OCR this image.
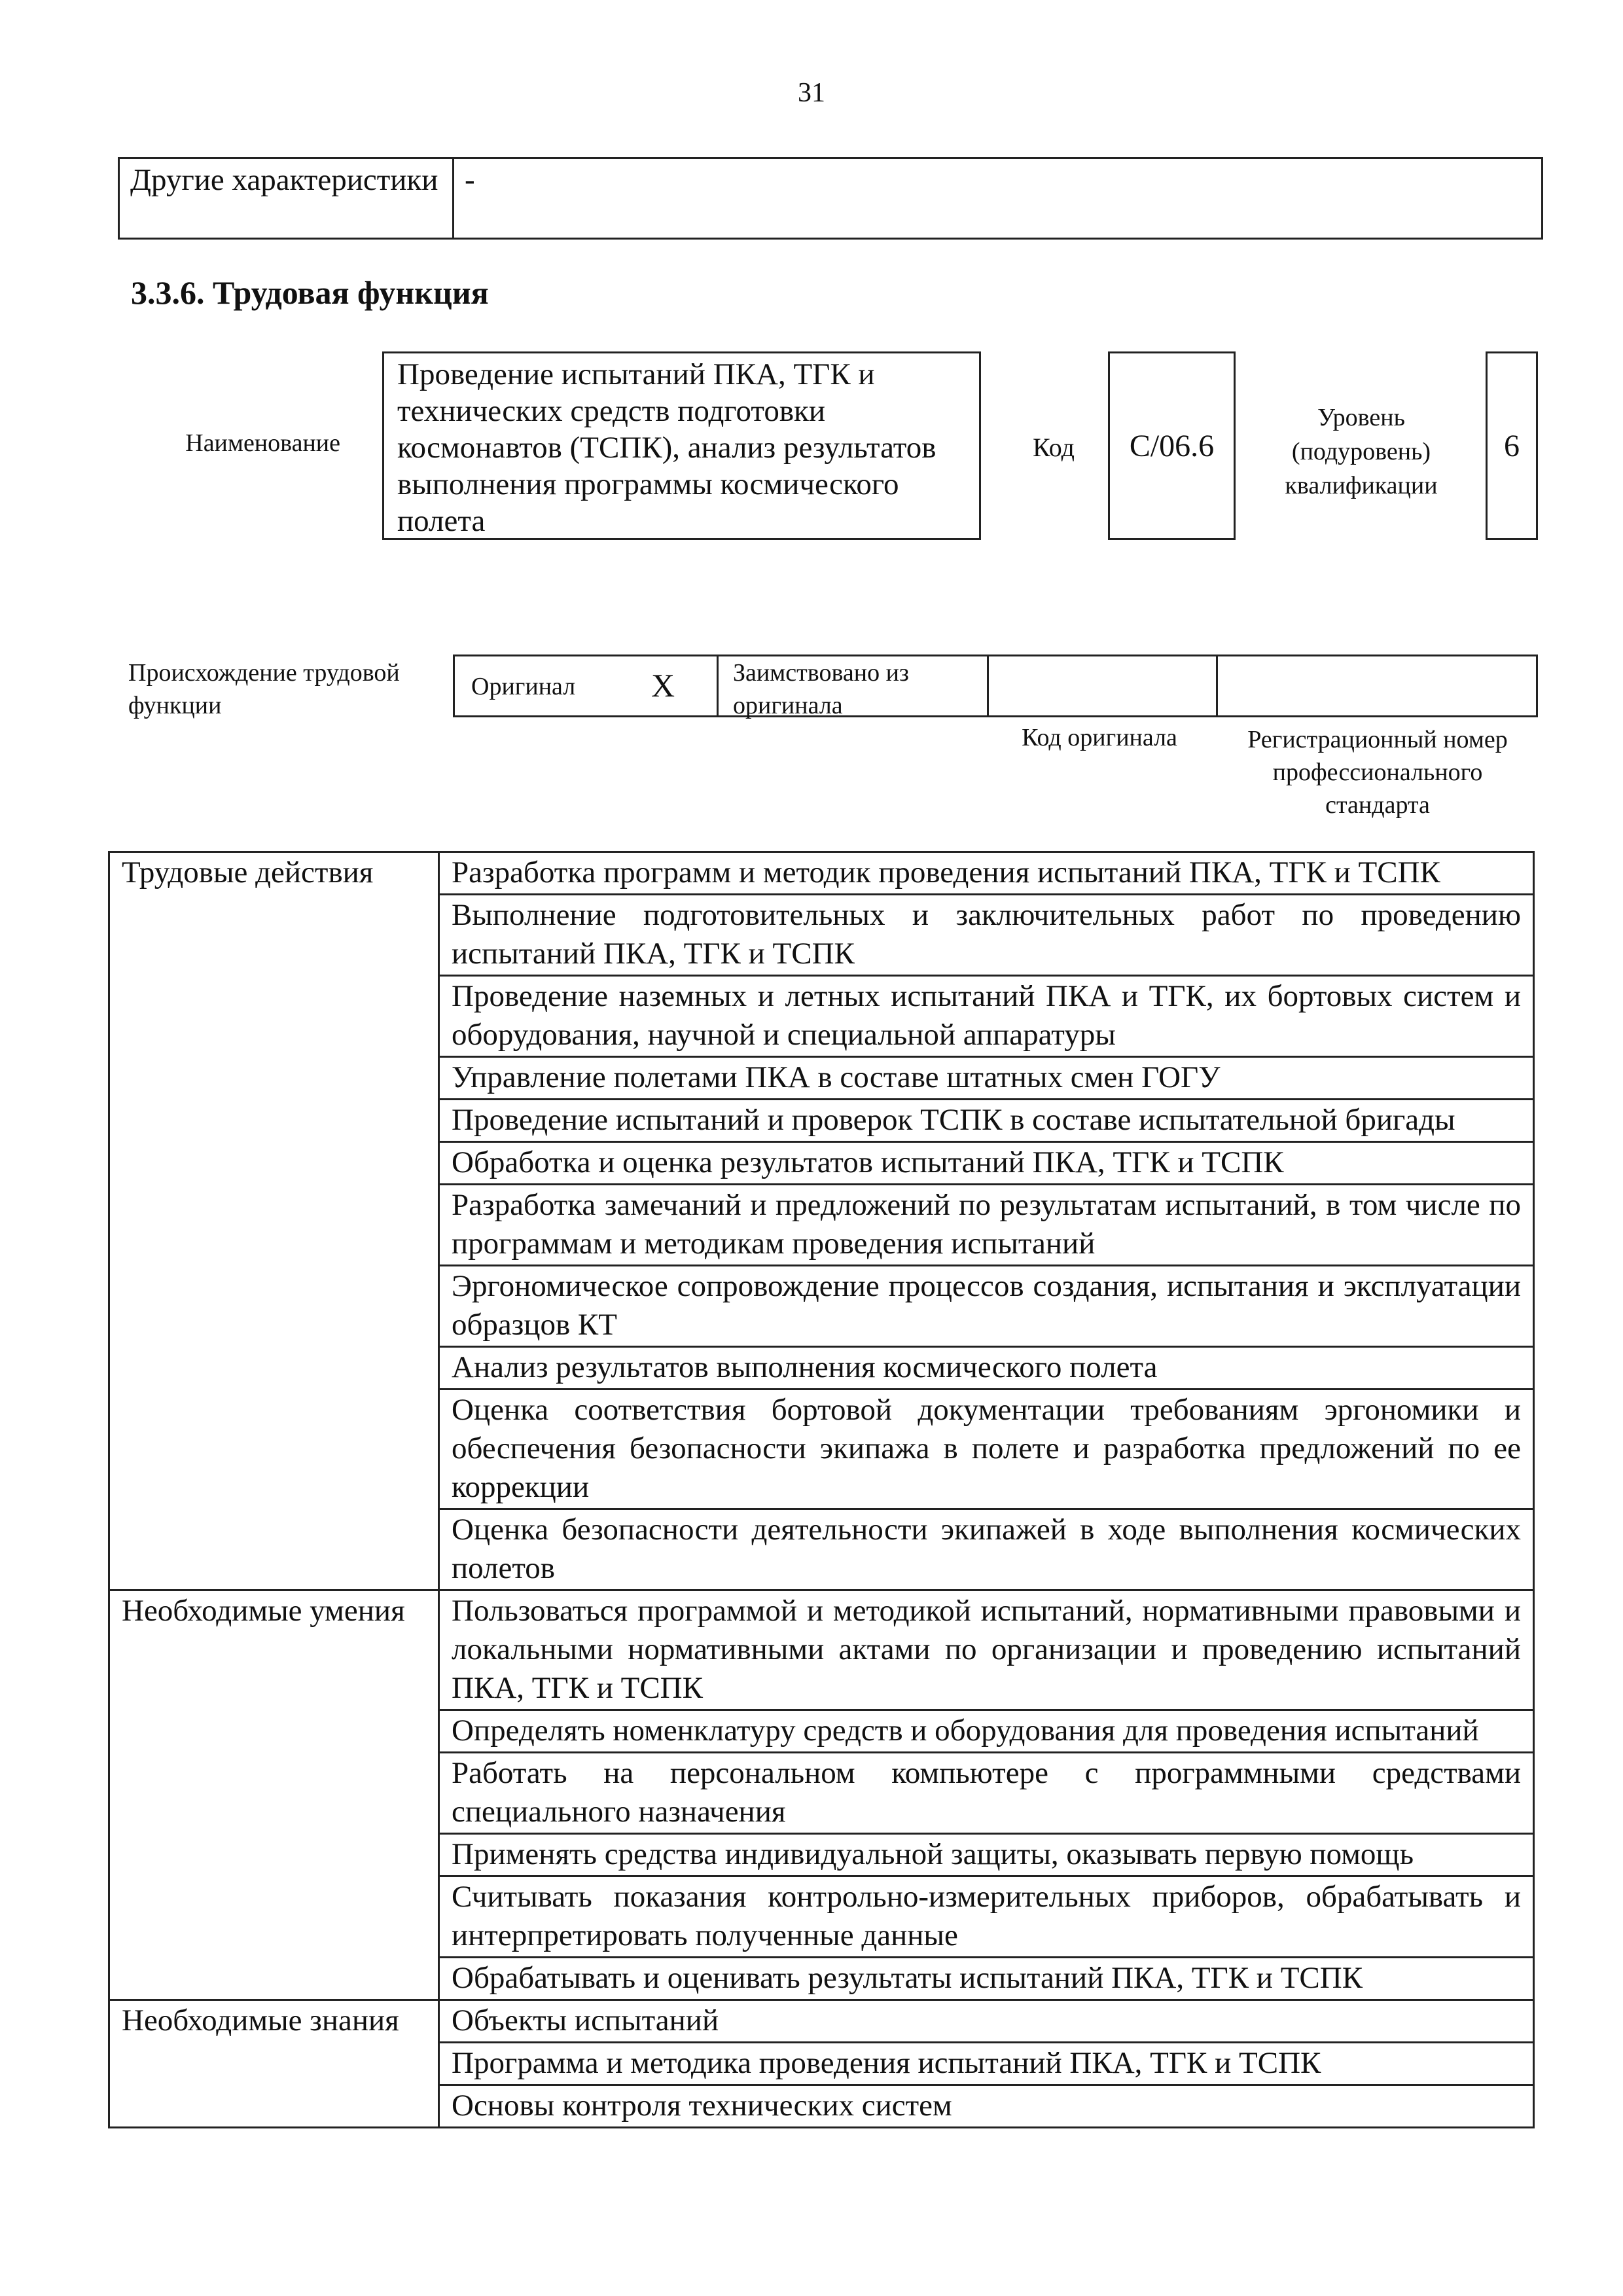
31
Другие характеристики	-
3.3.6. Трудовая функция
Наименование
Проведение испытаний ПКА, ТГК и технических средств подготовки космонавтов (ТСПК), анализ результатов выполнения программы космического полета
Код	С/06.6
Уровень
(подуровень)
квалификации
6
Происхождение трудовой
функции
Оригинал Х Заимствовано из
оригинала
Код оригинала	Регистрационный номер
профессионального
стандарта
Трудовые действия	Разработка программ и методик проведения испытаний ПКА, ТГК и ТСПК
	Выполнение подготовительных и заключительных работ по проведению испытаний ПКА, ТГК и ТСПК
	Проведение наземных и летных испытаний ПКА и ТГК, их бортовых систем и оборудования, научной и специальной аппаратуры
	Управление полетами ПКА в составе штатных смен ГОГУ
	Проведение испытаний и проверок ТСПК в составе испытательной бригады
	Обработка и оценка результатов испытаний ПКА, ТГК и ТСПК
	Разработка замечаний и предложений по результатам испытаний, в том числе по программам и методикам проведения испытаний
	Эргономическое сопровождение процессов создания, испытания и эксплуатации образцов КТ
	Анализ результатов выполнения космического полета
	Оценка соответствия бортовой документации требованиям эргономики и обеспечения безопасности экипажа в полете и разработка предложений по ее коррекции
	Оценка безопасности деятельности экипажей в ходе выполнения космических полетов
Необходимые умения	Пользоваться программой и методикой испытаний, нормативными правовыми и локальными нормативными актами по организации и проведению испытаний ПКА, ТГК и ТСПК
	Определять номенклатуру средств и оборудования для проведения испытаний
	Работать на персональном компьютере с программными средствами специального назначения
	Применять средства индивидуальной защиты, оказывать первую помощь
	Считывать показания контрольно-измерительных приборов, обрабатывать и интерпретировать полученные данные
	Обрабатывать и оценивать результаты испытаний ПКА, ТГК и ТСПК
Необходимые знания	Объекты испытаний
	Программа и методика проведения испытаний ПКА, ТГК и ТСПК
	Основы контроля технических систем
